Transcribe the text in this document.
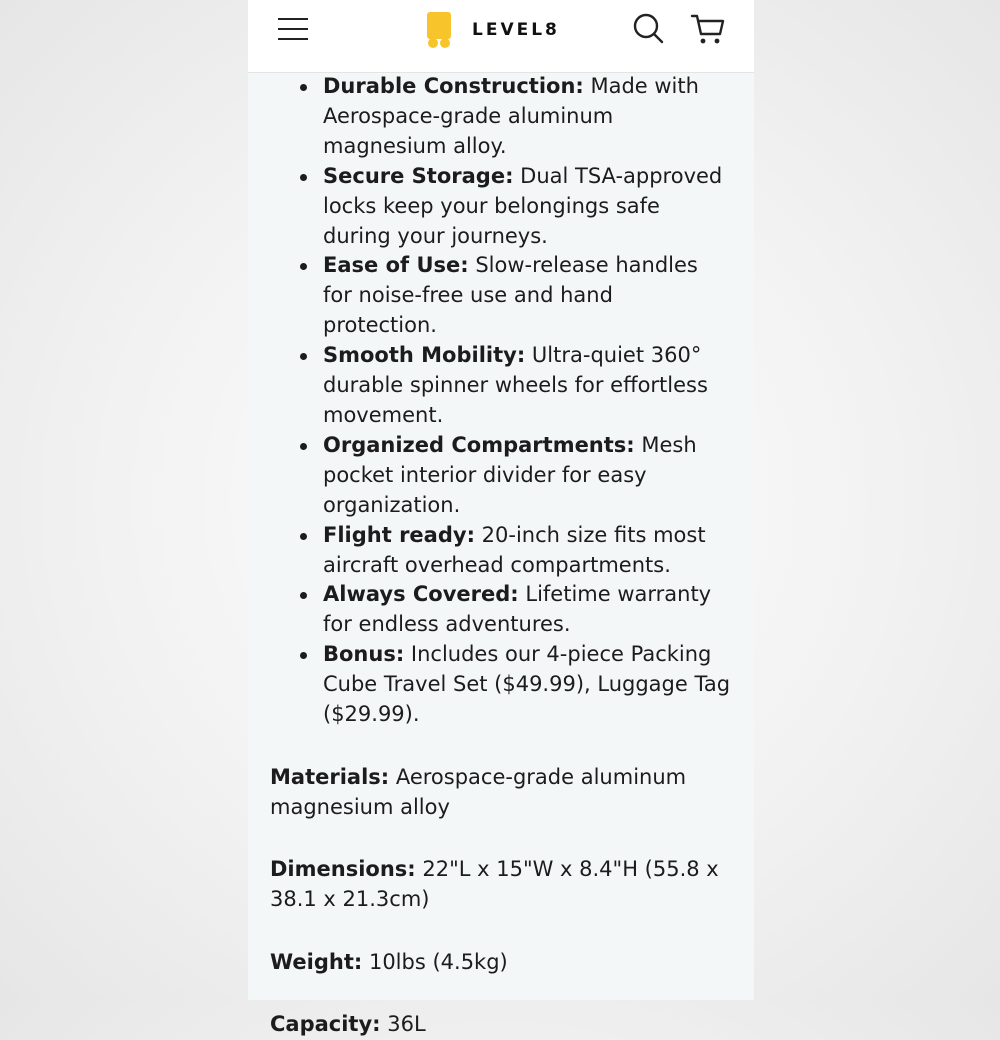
LEVEL8
Durable Construction: Made with Aerospace-grade aluminum magnesium alloy.
Secure Storage: Dual TSA-approved locks keep your belongings safe during your journeys.
Ease of Use: Slow-release handles for noise-free use and hand protection.
Smooth Mobility: Ultra-quiet 360° durable spinner wheels for effortless movement.
Organized Compartments: Mesh pocket interior divider for easy organization.
Flight ready: 20-inch size fits most aircraft overhead compartments.
Always Covered: Lifetime warranty for endless adventures.
Bonus: Includes our 4-piece Packing Cube Travel Set ($49.99), Luggage Tag ($29.99).

Materials: Aerospace-grade aluminum magnesium alloy

Dimensions: 22"L x 15"W x 8.4"H (55.8 x 38.1 x 21.3cm)

Weight: 10lbs (4.5kg)

Capacity: 36L
